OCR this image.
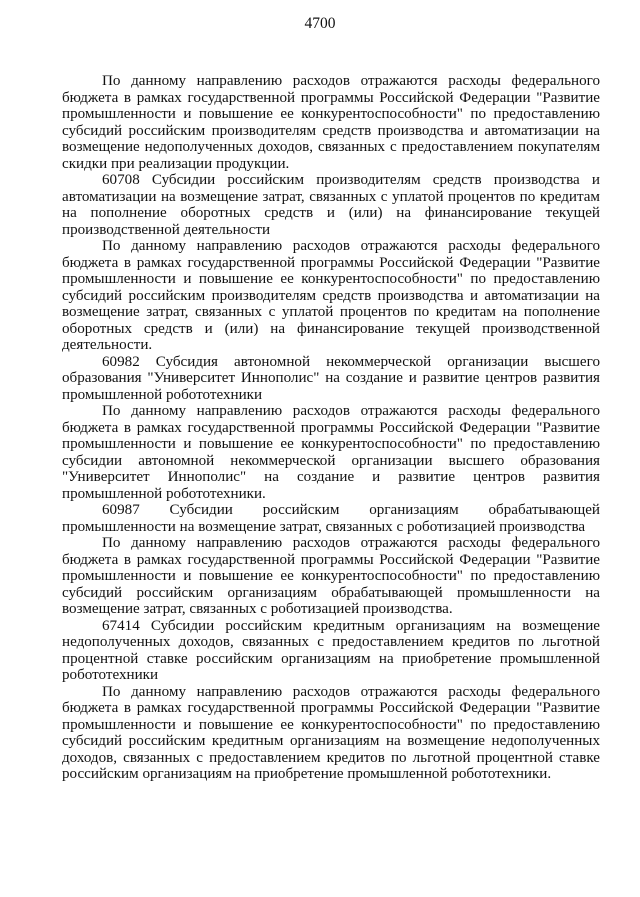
4700

По данному направлению расходов отражаются расходы федерального бюджета в рамках государственной программы Российской Федерации "Развитие промышленности и повышение ее конкурентоспособности" по предоставлению субсидий российским производителям средств производства и автоматизации на возмещение недополученных доходов, связанных с предоставлением покупателям скидки при реализации продукции.

60708 Субсидии российским производителям средств производства и автоматизации на возмещение затрат, связанных с уплатой процентов по кредитам на пополнение оборотных средств и (или) на финансирование текущей производственной деятельности

По данному направлению расходов отражаются расходы федерального бюджета в рамках государственной программы Российской Федерации "Развитие промышленности и повышение ее конкурентоспособности" по предоставлению субсидий российским производителям средств производства и автоматизации на возмещение затрат, связанных с уплатой процентов по кредитам на пополнение оборотных средств и (или) на финансирование текущей производственной деятельности.

60982 Субсидия автономной некоммерческой организации высшего образования "Университет Иннополис" на создание и развитие центров развития промышленной робототехники

По данному направлению расходов отражаются расходы федерального бюджета в рамках государственной программы Российской Федерации "Развитие промышленности и повышение ее конкурентоспособности" по предоставлению субсидии автономной некоммерческой организации высшего образования "Университет Иннополис" на создание и развитие центров развития промышленной робототехники.

60987 Субсидии российским организациям обрабатывающей промышленности на возмещение затрат, связанных с роботизацией производства

По данному направлению расходов отражаются расходы федерального бюджета в рамках государственной программы Российской Федерации "Развитие промышленности и повышение ее конкурентоспособности" по предоставлению субсидий российским организациям обрабатывающей промышленности на возмещение затрат, связанных с роботизацией производства.

67414 Субсидии российским кредитным организациям на возмещение недополученных доходов, связанных с предоставлением кредитов по льготной процентной ставке российским организациям на приобретение промышленной робототехники

По данному направлению расходов отражаются расходы федерального бюджета в рамках государственной программы Российской Федерации "Развитие промышленности и повышение ее конкурентоспособности" по предоставлению субсидий российским кредитным организациям на возмещение недополученных доходов, связанных с предоставлением кредитов по льготной процентной ставке российским организациям на приобретение промышленной робототехники.
